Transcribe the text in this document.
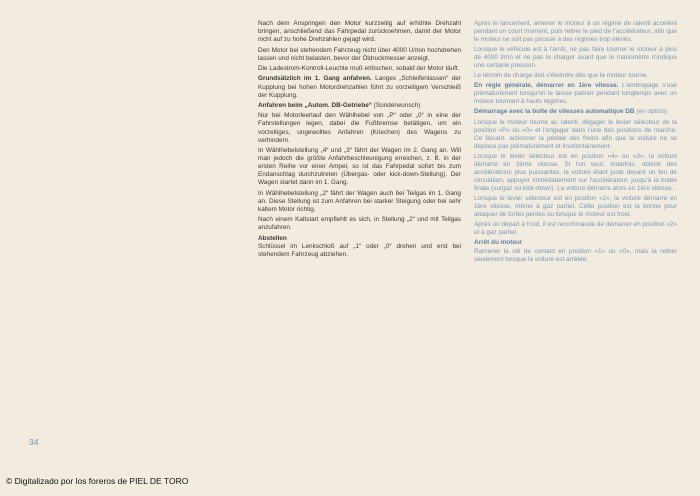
Nach dem Anspringen den Motor kurzzeitig auf erhöhte Drehzahl bringen, anschließend das Fahrpedal zurücknehmen, damit der Motor nicht auf zu hohe Drehzahlen gejagt wird.

Den Motor bei stehendem Fahrzeug nicht über 4000 U/min hochdrehen lassen und nicht belasten, bevor der Öldruckmesser anzeigt.

Die Ladestrom-Kontroll-Leuchte muß erlöschen, sobald der Motor läuft.

Grundsätzlich im 1. Gang anfahren. Langes „Schleifenlassen“ der Kupplung bei hohen Motordrehzahlen führt zu vorzeitigem Verschleiß der Kupplung.

Anfahren beim „Autom. DB-Getriebe“ (Sonderwunsch)

Nur bei Motorleerlauf den Wählhebel von „P“ oder „0“ in eine der Fahrstellungen legen, dabei die Fußbremse betätigen, um ein vorzeitiges, ungewolltes Anfahren (Kriechen) des Wagens zu verhindern.

In Wählhebelstellung „4“ und „3“ fährt der Wagen im 2. Gang an. Will man jedoch die größte Anfahrbeschleunigung erreichen, z. B. in der ersten Reihe vor einer Ampel, so ist das Fahrpedal sofort bis zum Endanschlag durchzutreten (Übergas- oder kick-down-Stellung). Der Wagen startet dann im 1. Gang.

In Wählhebelstellung „2“ fährt der Wagen auch bei Teilgas im 1. Gang an. Diese Stellung ist zum Anfahren bei starker Steigung oder bei sehr kaltem Motor richtig.

Nach einem Kaltstart empfiehlt es sich, in Stellung „2“ und mit Teilgas anzufahren.

Abstellen

Schlüssel im Lenkschloß auf „1“ oder „0“ drehen und erst bei stehendem Fahrzeug abziehen.

Après le lancement, amener le moteur à un régime de ralenti accéléré pendant un court moment, puis retirer le pied de l'accélérateur, afin que le moteur ne soit pas poussé à des régimes trop élevés.

Lorsque le véhicule est à l'arrêt, ne pas faire tourner le moteur à plus de 4000 t/mn et ne pas le charger avant que le manomètre n'indique une certaine pression.

Le témoin de charge doit s'éteindre dès que le moteur tourne.

En règle générale, démarrer en 1ère vitesse. L'embrayage s'use prématurément lorsqu'on le laisse patiner pendant longtemps avec un moteur tournant à hauts régimes.

Démarrage avec la boîte de vitesses automatique DB (en option)

Lorsque le moteur tourne au ralenti, dégager le levier sélecteur de la position «P» ou «0» et l'engager dans l'une des positions de marche. Ce faisant, actionner la pédale des freins afin que la voiture ne se déplace pas prématurément et involontairement.

Lorsque le levier sélecteur est en position «4» ou «3», la voiture démarre en 2ème vitesse. Si l'on veut, toutefois, obtenir des accélérations plus puissantes, la voiture étant juste devant un feu de circulation, appuyer immédiatement sur l'accélérateur, jusqu'à la butée finale (surgaz ou kick-down). La voiture démarre alors en 1ère vitesse.

Lorsque le levier sélecteur est en position «2», la voiture démarre en 1ère vitesse, même à gaz partiel. Cette position est la bonne pour attaquer de fortes pentes ou lorsque le moteur est froid.

Après un départ à froid, il est recommandé de démarrer en position «2» et à gaz partiel.

Arrêt du moteur

Ramener la clé de contact en position «1» ou «0», mais la retirer seulement lorsque la voiture est arrêtée.

34
© Digitalizado por los foreros de PIEL DE TORO
